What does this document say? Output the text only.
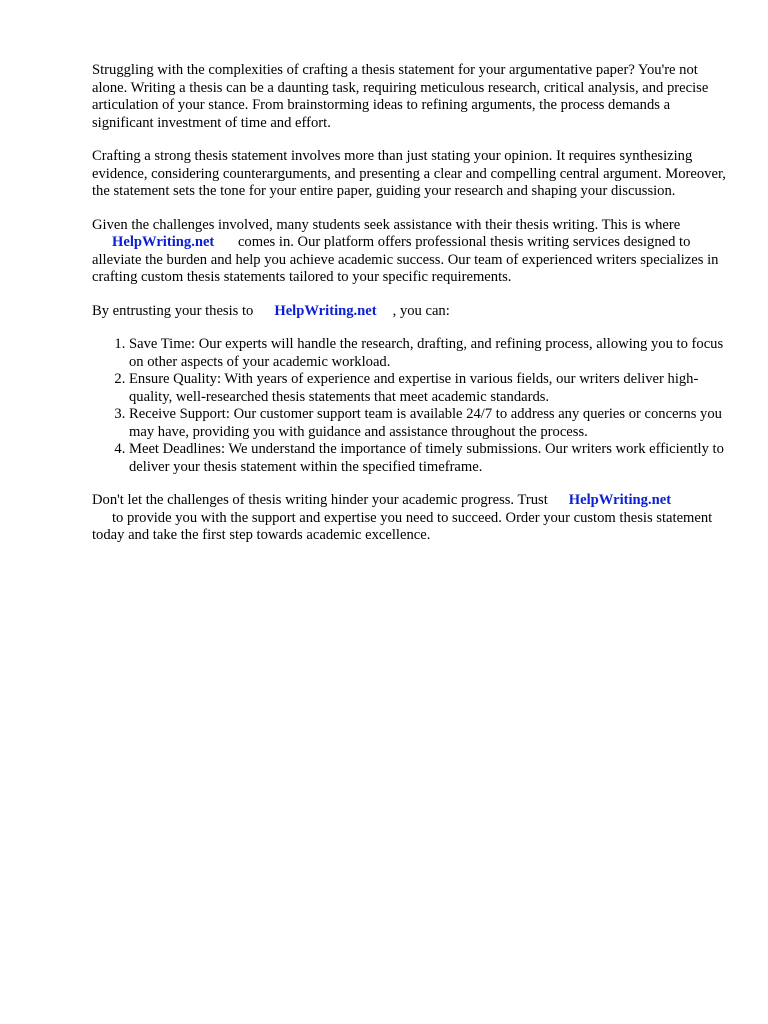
Struggling with the complexities of crafting a thesis statement for your argumentative paper? You're not alone. Writing a thesis can be a daunting task, requiring meticulous research, critical analysis, and precise articulation of your stance. From brainstorming ideas to refining arguments, the process demands a significant investment of time and effort.

Crafting a strong thesis statement involves more than just stating your opinion. It requires synthesizing evidence, considering counterarguments, and presenting a clear and compelling central argument. Moreover, the statement sets the tone for your entire paper, guiding your research and shaping your discussion.

Given the challenges involved, many students seek assistance with their thesis writing. This is where
HelpWriting.net comes in. Our platform offers professional thesis writing services designed to alleviate the burden and help you achieve academic success. Our team of experienced writers specializes in crafting custom thesis statements tailored to your specific requirements.

By entrusting your thesis to HelpWriting.net , you can:

1. Save Time: Our experts will handle the research, drafting, and refining process, allowing you to focus on other aspects of your academic workload.
2. Ensure Quality: With years of experience and expertise in various fields, our writers deliver high-quality, well-researched thesis statements that meet academic standards.
3. Receive Support: Our customer support team is available 24/7 to address any queries or concerns you may have, providing you with guidance and assistance throughout the process.
4. Meet Deadlines: We understand the importance of timely submissions. Our writers work efficiently to deliver your thesis statement within the specified timeframe.

Don't let the challenges of thesis writing hinder your academic progress. Trust HelpWriting.net
to provide you with the support and expertise you need to succeed. Order your custom thesis statement today and take the first step towards academic excellence.
